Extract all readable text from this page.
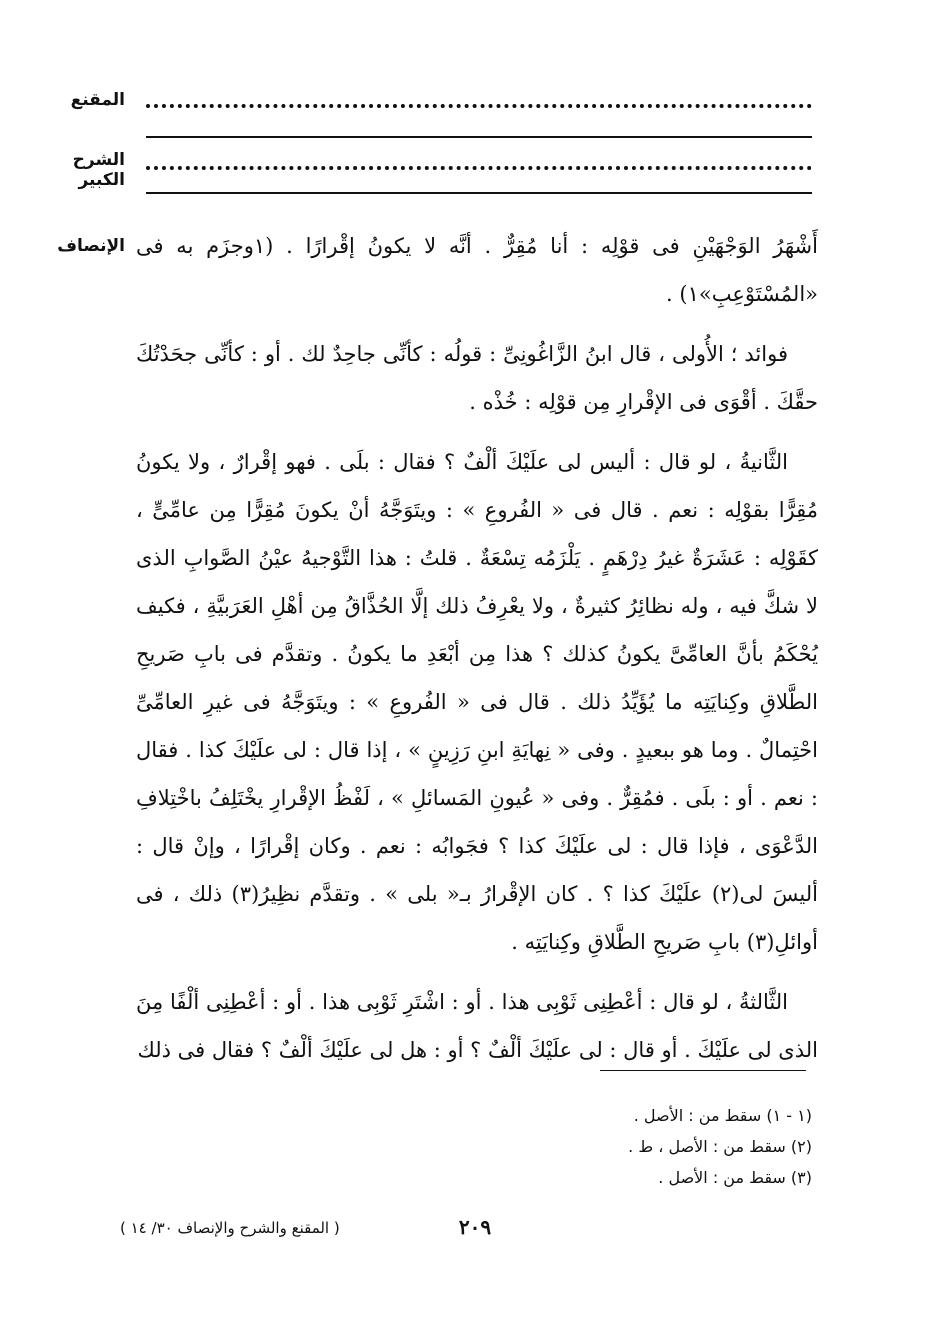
المقنع
الشرح الكبير
الإنصاف أَشْهَرُ الوَجْهَيْنِ فى قوْلِه : أنا مُقِرٌّ . أنَّه لا يكونُ إقْرارًا . (١وجزَم به فى «المُسْتَوْعِبِ»١) .

فوائد ؛ الأُولى ، قال ابنُ الزَّاغُونِىِّ : قولُه : كأنِّى جاحِدٌ لك . أو : كأنِّى جحَدْتُكَ حقَّكَ . أقْوَى فى الإقْرارِ مِن قوْلِه : خُذْه .

الثَّانيةُ ، لو قال : أليس لى علَيْكَ ألْفٌ ؟ فقال : بلَى . فهو إقْرارٌ ، ولا يكونُ مُقِرًّا بقوْلِه : نعم . قال فى « الفُروعِ » : ويتَوَجَّهُ أنْ يكونَ مُقِرًّا مِن عامِّىٍّ ، كقَوْلِه : عَشَرَةٌ غيرُ دِرْهَمٍ . يَلْزَمُه تِسْعَةٌ . قلتُ : هذا التَّوْجيهُ عيْنُ الصَّوابِ الذى لا شكَّ فيه ، وله نظائِرُ كثيرةٌ ، ولا يعْرِفُ ذلك إلَّا الحُذَّاقُ مِن أهْلِ العَرَبيَّةِ ، فكيف يُحْكَمُ بأنَّ العامِّىَّ يكونُ كذلك ؟ هذا مِن أبْعَدِ ما يكونُ . وتقدَّم فى بابِ صَريحِ الطَّلاقِ وكِنايَتِه ما يُؤَيِّدُ ذلك . قال فى « الفُروعِ » : ويتَوَجَّهُ فى غيرِ العامِّىِّ احْتِمالٌ . وما هو ببعيدٍ . وفى « نِهايَةِ ابنِ رَزِينٍ » ، إذا قال : لى علَيْكَ كذا . فقال : نعم . أو : بلَى . فمُقِرٌّ . وفى « عُيونِ المَسائلِ » ، لَفْظُ الإقْرارِ يخْتَلِفُ باخْتِلافِ الدَّعْوَى ، فإذا قال : لى علَيْكَ كذا ؟ فجَوابُه : نعم . وكان إقْرارًا ، وإنْ قال : أليسَ لى(٢) علَيْكَ كذا ؟ . كان الإقْرارُ بـ« بلى » . وتقدَّم نظِيرُ(٣) ذلك ، فى أوائلِ(٣) بابِ صَريحِ الطَّلاقِ وكِنايَتِه .

الثَّالثةُ ، لو قال : أعْطِنِى ثَوْبِى هذا . أو : اشْتَرِ ثَوْبِى هذا . أو : أعْطِنِى ألْفًا مِنَ الذى لى علَيْكَ . أو قال : لى علَيْكَ ألْفٌ ؟ أو : هل لى علَيْكَ ألْفٌ ؟ فقال فى ذلك

(١ - ١) سقط من : الأصل .
(٢) سقط من : الأصل ، ط .
(٣) سقط من : الأصل .
٢٠٩
( المقنع والشرح والإنصاف ٣٠/ ١٤ )
